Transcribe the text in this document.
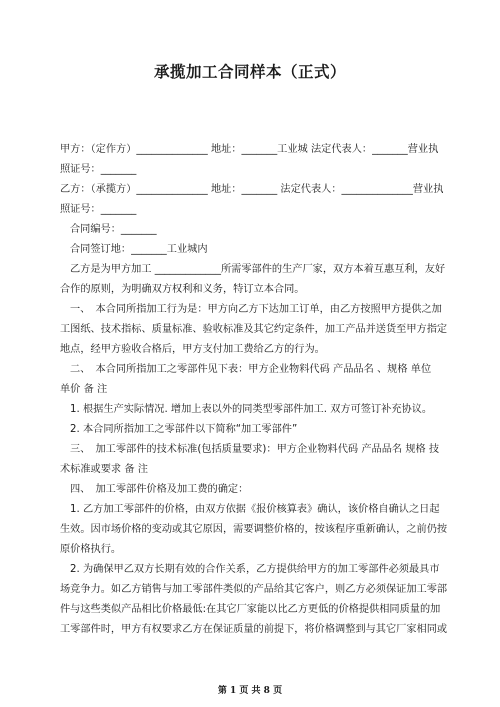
承揽加工合同样本（正式）
甲方：（定作方）______________ 地址：_______工业城 法定代表人：_______营业执
照证号：_______
乙方：（承揽方）______________ 地址：_______ 法定代表人：______________营业执
照证号：_______
合同编号：_______
合同签订地：_______工业城内
乙方是为甲方加工 _____________所需零部件的生产厂家，双方本着互惠互利，友好
合作的原则，为明确双方权利和义务，特订立本合同。
一、　本合同所指加工行为是：甲方向乙方下达加工订单，由乙方按照甲方提供之加
工图纸、技术指标、质量标准、验收标准及其它约定条件，加工产品并送货至甲方指定
地点，经甲方验收合格后，甲方支付加工费给乙方的行为。
二、　本合同所指加工之零部件见下表：甲方企业物料代码 产品品名 、规格 单位
单价 备 注
1. 根据生产实际情况. 增加上表以外的同类型零部件加工. 双方可签订补充协议。
2. 本合同所指加工之零部件以下简称“加工零部件”
三、　加工零部件的技术标准(包括质量要求)：甲方企业物料代码 产品品名 规格 技
术标准或要求 备 注
四、　加工零部件价格及加工费的确定：
1. 乙方加工零部件的价格，由双方依据《报价核算表》确认，该价格自确认之日起
生效。因市场价格的变动或其它原因，需要调整价格的，按该程序重新确认，之前仍按
原价格执行。
2. 为确保甲乙双方长期有效的合作关系，乙方提供给甲方的加工零部件必须最具市
场竞争力。如乙方销售与加工零部件类似的产品给其它客户，则乙方必须保证加工零部
件与这些类似产品相比价格最低:在其它厂家能以比乙方更低的价格提供相同质量的加
工零部件时，甲方有权要求乙方在保证质量的前提下，将价格调整到与其它厂家相同或
第 1 页 共 8 页
